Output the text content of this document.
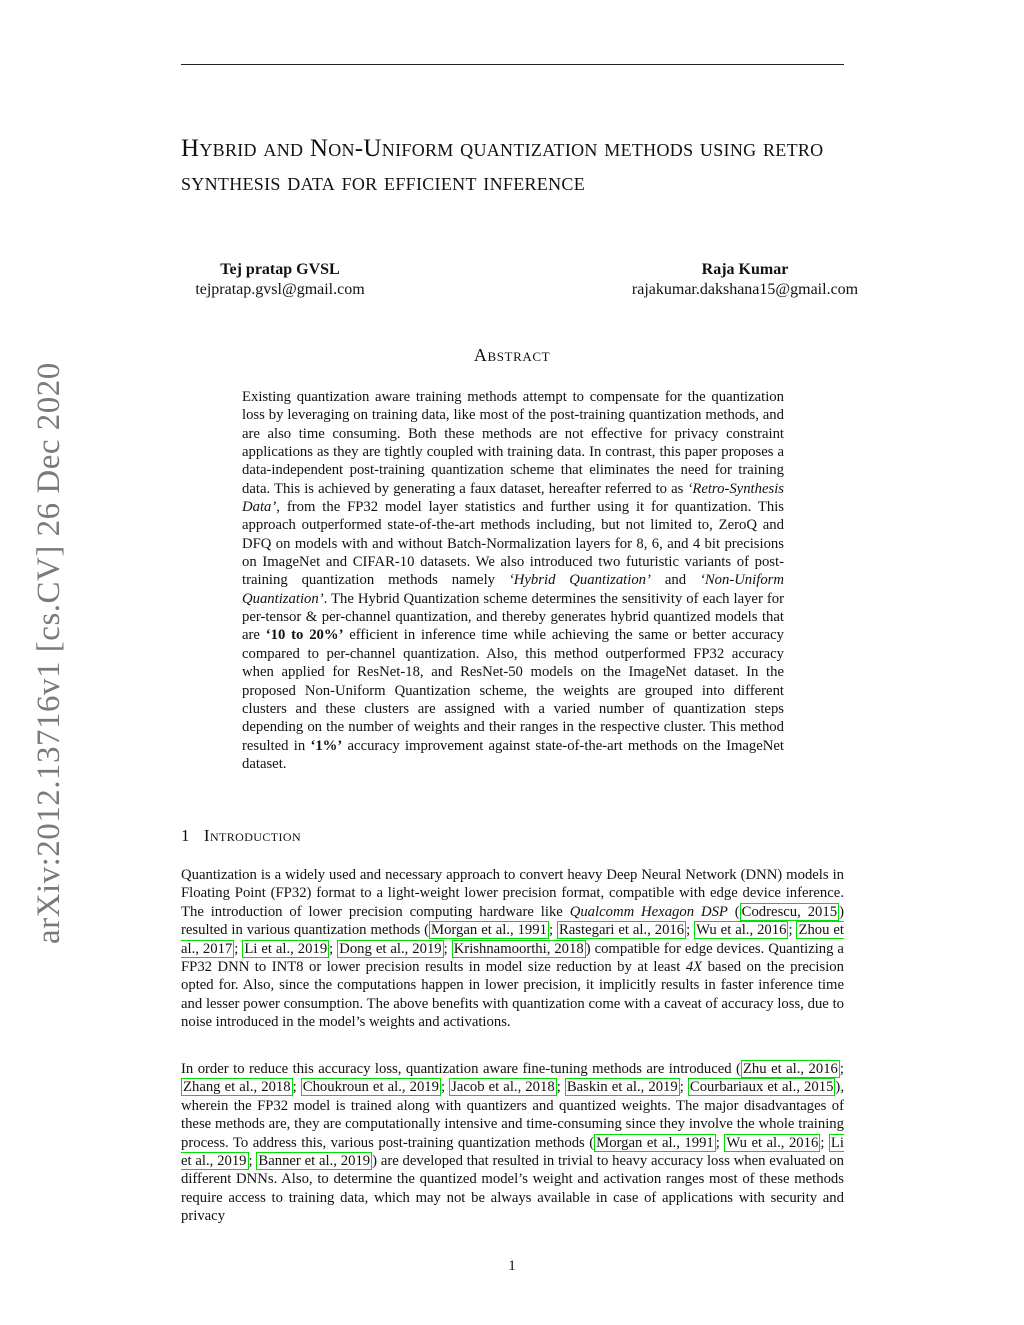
arXiv:2012.13716v1 [cs.CV] 26 Dec 2020
Hybrid and Non-Uniform quantization methods using retro synthesis data for efficient inference
Tej pratap GVSL
tejpratap.gvsl@gmail.com
Raja Kumar
rajakumar.dakshana15@gmail.com
Abstract

Existing quantization aware training methods attempt to compensate for the quantization loss by leveraging on training data, like most of the post-training quantization methods, and are also time consuming. Both these methods are not effective for privacy constraint applications as they are tightly coupled with training data. In contrast, this paper proposes a data-independent post-training quantization scheme that eliminates the need for training data. This is achieved by generating a faux dataset, hereafter referred to as ‘Retro-Synthesis Data’, from the FP32 model layer statistics and further using it for quantization. This approach outperformed state-of-the-art methods including, but not limited to, ZeroQ and DFQ on models with and without Batch-Normalization layers for 8, 6, and 4 bit precisions on ImageNet and CIFAR-10 datasets. We also introduced two futuristic variants of post-training quantization methods namely ‘Hybrid Quantization’ and ‘Non-Uniform Quantization’. The Hybrid Quantization scheme determines the sensitivity of each layer for per-tensor & per-channel quantization, and thereby generates hybrid quantized models that are ‘10 to 20%’ efficient in inference time while achieving the same or better accuracy compared to per-channel quantization. Also, this method outperformed FP32 accuracy when applied for ResNet-18, and ResNet-50 models on the ImageNet dataset. In the proposed Non-Uniform Quantization scheme, the weights are grouped into different clusters and these clusters are assigned with a varied number of quantization steps depending on the number of weights and their ranges in the respective cluster. This method resulted in ‘1%’ accuracy improvement against state-of-the-art methods on the ImageNet dataset.

1 Introduction

Quantization is a widely used and necessary approach to convert heavy Deep Neural Network (DNN) models in Floating Point (FP32) format to a light-weight lower precision format, compatible with edge device inference. The introduction of lower precision computing hardware like Qualcomm Hexagon DSP ( Codrescu, 2015 ) resulted in various quantization methods ( Morgan et al., 1991 ; Rastegari et al., 2016 ; Wu et al., 2016 ; Zhou et al., 2017 ; Li et al., 2019 ; Dong et al., 2019 ; Krishnamoorthi, 2018 ) compatible for edge devices. Quantizing a FP32 DNN to INT8 or lower precision results in model size reduction by at least 4X based on the precision opted for. Also, since the computations happen in lower precision, it implicitly results in faster inference time and lesser power consumption. The above benefits with quantization come with a caveat of accuracy loss, due to noise introduced in the model’s weights and activations.

In order to reduce this accuracy loss, quantization aware fine-tuning methods are introduced ( Zhu et al., 2016 ; Zhang et al., 2018 ; Choukroun et al., 2019 ; Jacob et al., 2018 ; Baskin et al., 2019 ; Courbariaux et al., 2015 ), wherein the FP32 model is trained along with quantizers and quantized weights. The major disadvantages of these methods are, they are computationally intensive and time-consuming since they involve the whole training process. To address this, various post-training quantization methods ( Morgan et al., 1991 ; Wu et al., 2016 ; Li et al., 2019 ; Banner et al., 2019 ) are developed that resulted in trivial to heavy accuracy loss when evaluated on different DNNs. Also, to determine the quantized model’s weight and activation ranges most of these methods require access to training data, which may not be always available in case of applications with security and privacy

1
